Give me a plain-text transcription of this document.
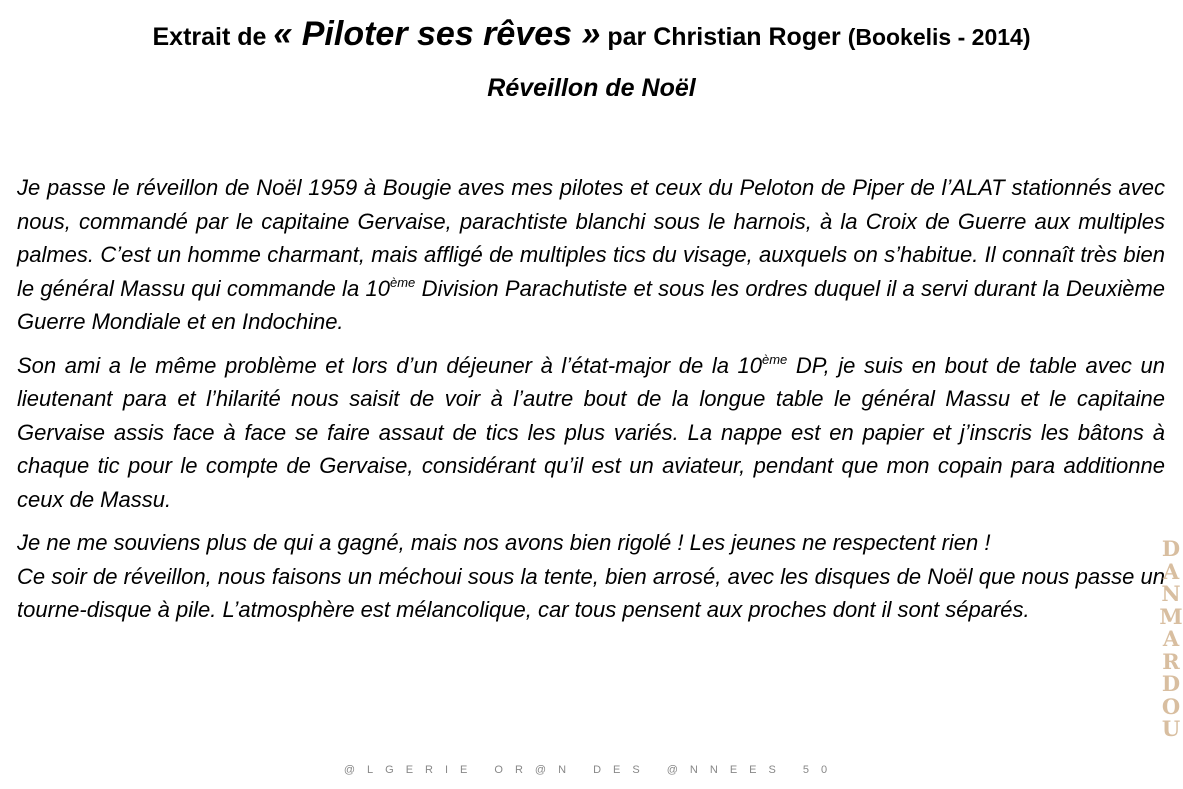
Extrait de « Piloter ses rêves » par Christian Roger (Bookelis - 2014)
Réveillon de Noël

Je passe le réveillon de Noël 1959 à Bougie aves mes pilotes et ceux du Peloton de Piper de l’ALAT stationnés avec nous, commandé par le capitaine Gervaise, parachtiste blanchi sous le harnois, à la Croix de Guerre aux multiples palmes. C’est un homme charmant, mais affligé de multiples tics du visage, auxquels on s’habitue. Il connaît très bien le général Massu qui commande la 10ème Division Parachutiste et sous les ordres duquel il a servi durant la Deuxième Guerre Mondiale et en Indochine.

Son ami a le même problème et lors d’un déjeuner à l’état-major de la 10ème DP, je suis en bout de table avec un lieutenant para et l’hilarité nous saisit de voir à l’autre bout de la longue table le général Massu et le capitaine Gervaise assis face à face se faire assaut de tics les plus variés. La nappe est en papier et j’inscris les bâtons à chaque tic pour le compte de Gervaise, considérant qu’il est un aviateur, pendant que mon copain para additionne ceux de Massu.

Je ne me souviens plus de qui a gagné, mais nos avons bien rigolé ! Les jeunes ne respectent rien !

Ce soir de réveillon, nous faisons un méchoui sous la tente, bien arrosé, avec les disques de Noël que nous passe un tourne-disque à pile. L’atmosphère est mélancolique, car tous pensent aux proches dont il sont séparés.

@LGERIE OR@N DES @NNEES 50
DANMARDOU
